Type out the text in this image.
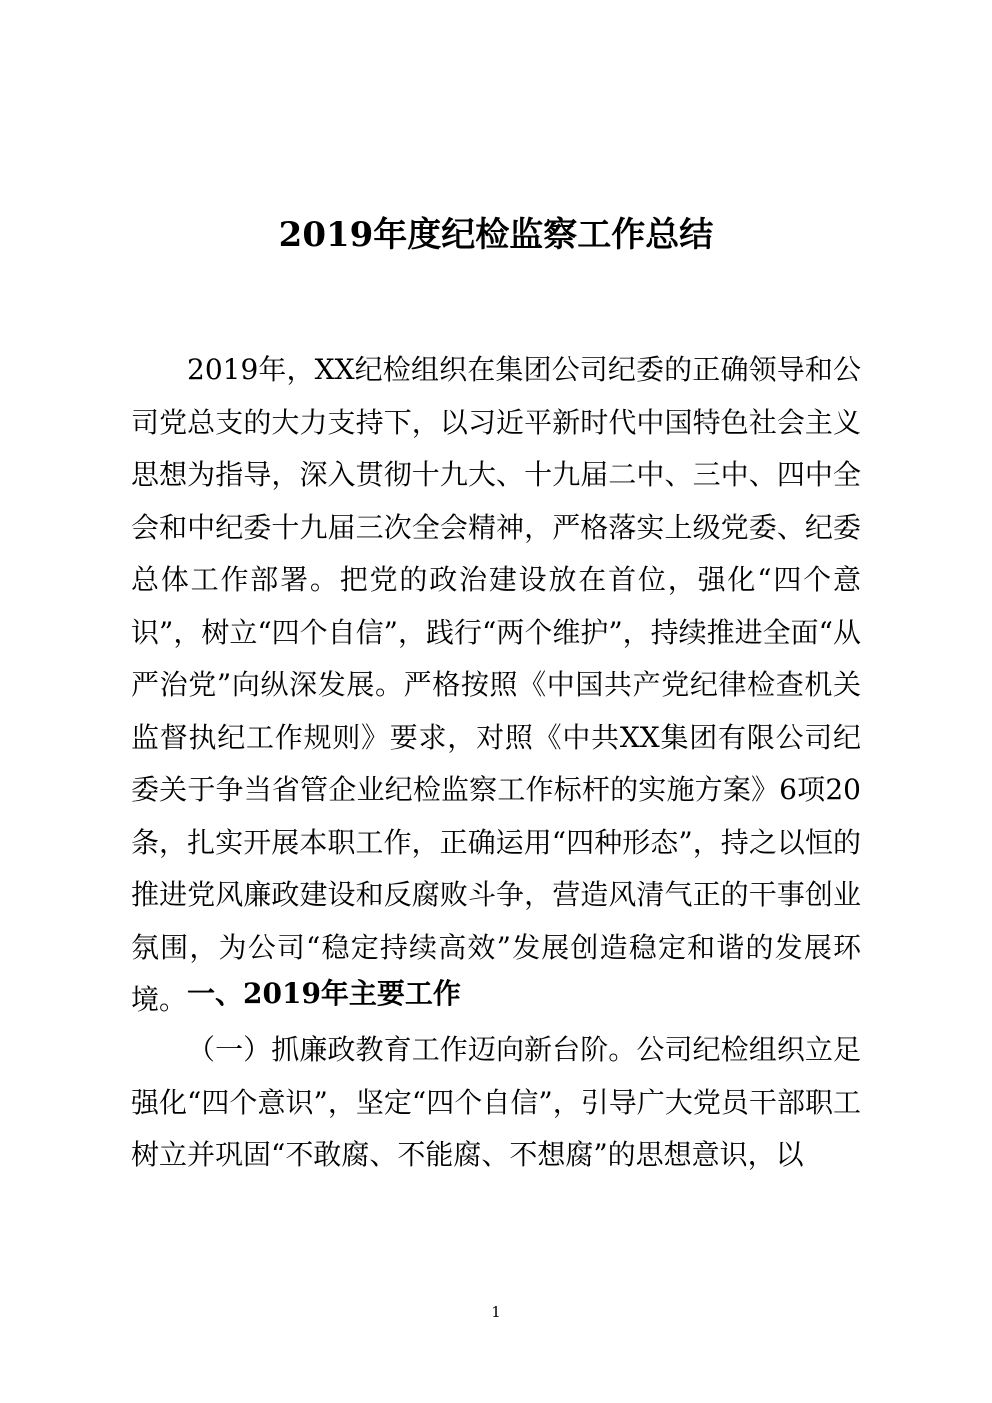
2019年度纪检监察工作总结

2019年，XX纪检组织在集团公司纪委的正确领导和公司党总支的大力支持下，以习近平新时代中国特色社会主义思想为指导，深入贯彻十九大、十九届二中、三中、四中全会和中纪委十九届三次全会精神，严格落实上级党委、纪委总体工作部署。把党的政治建设放在首位，强化“四个意识”，树立“四个自信”，践行“两个维护”，持续推进全面“从严治党”向纵深发展。严格按照《中国共产党纪律检查机关监督执纪工作规则》要求，对照《中共XX集团有限公司纪委关于争当省管企业纪检监察工作标杆的实施方案》6项20条，扎实开展本职工作，正确运用“四种形态”，持之以恒的推进党风廉政建设和反腐败斗争，营造风清气正的干事创业氛围，为公司“稳定持续高效”发展创造稳定和谐的发展环境。 一、2019年主要工作

（一）抓廉政教育工作迈向新台阶。公司纪检组织立足强化“四个意识”，坚定“四个自信”，引导广大党员干部职工树立并巩固“不敢腐、不能腐、不想腐”的思想意识，以

1
